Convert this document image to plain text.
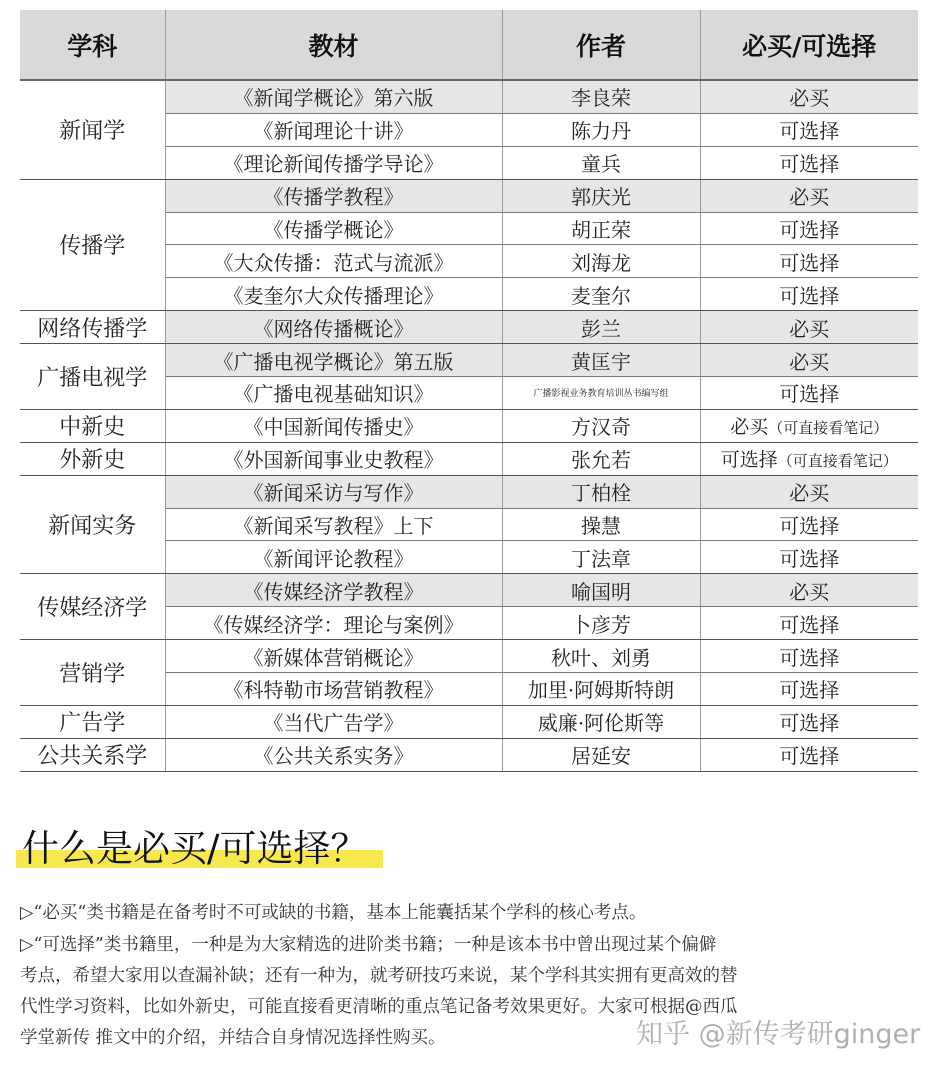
学科	教材	作者	必买/可选择
新闻学	《新闻学概论》第六版	李良荣	必买
	《新闻理论十讲》	陈力丹	可选择
	《理论新闻传播学导论》	童兵	可选择
传播学	《传播学教程》	郭庆光	必买
	《传播学概论》	胡正荣	可选择
	《大众传播：范式与流派》	刘海龙	可选择
	《麦奎尔大众传播理论》	麦奎尔	可选择
网络传播学	《网络传播概论》	彭兰	必买
广播电视学	《广播电视学概论》第五版	黄匡宇	必买
	《广播电视基础知识》	广播影视业务教育培训丛书编写组	可选择
中新史	《中国新闻传播史》	方汉奇	必买（可直接看笔记）
外新史	《外国新闻事业史教程》	张允若	可选择（可直接看笔记）
新闻实务	《新闻采访与写作》	丁柏栓	必买
	《新闻采写教程》上下	操慧	可选择
	《新闻评论教程》	丁法章	可选择
传媒经济学	《传媒经济学教程》	喻国明	必买
	《传媒经济学：理论与案例》	卜彦芳	可选择
营销学	《新媒体营销概论》	秋叶、刘勇	可选择
	《科特勒市场营销教程》	加里·阿姆斯特朗	可选择
广告学	《当代广告学》	威廉·阿伦斯等	可选择
公共关系学	《公共关系实务》	居延安	可选择
什么是必买/可选择？
▷“必买“类书籍是在备考时不可或缺的书籍，基本上能囊括某个学科的核心考点。
▷“可选择”类书籍里，一种是为大家精选的进阶类书籍；一种是该本书中曾出现过某个偏僻
考点，希望大家用以查漏补缺；还有一种为，就考研技巧来说，某个学科其实拥有更高效的替
代性学习资料，比如外新史，可能直接看更清晰的重点笔记备考效果更好。大家可根据@西瓜
学堂新传 推文中的介绍，并结合自身情况选择性购买。	知乎 @新传考研ginger
